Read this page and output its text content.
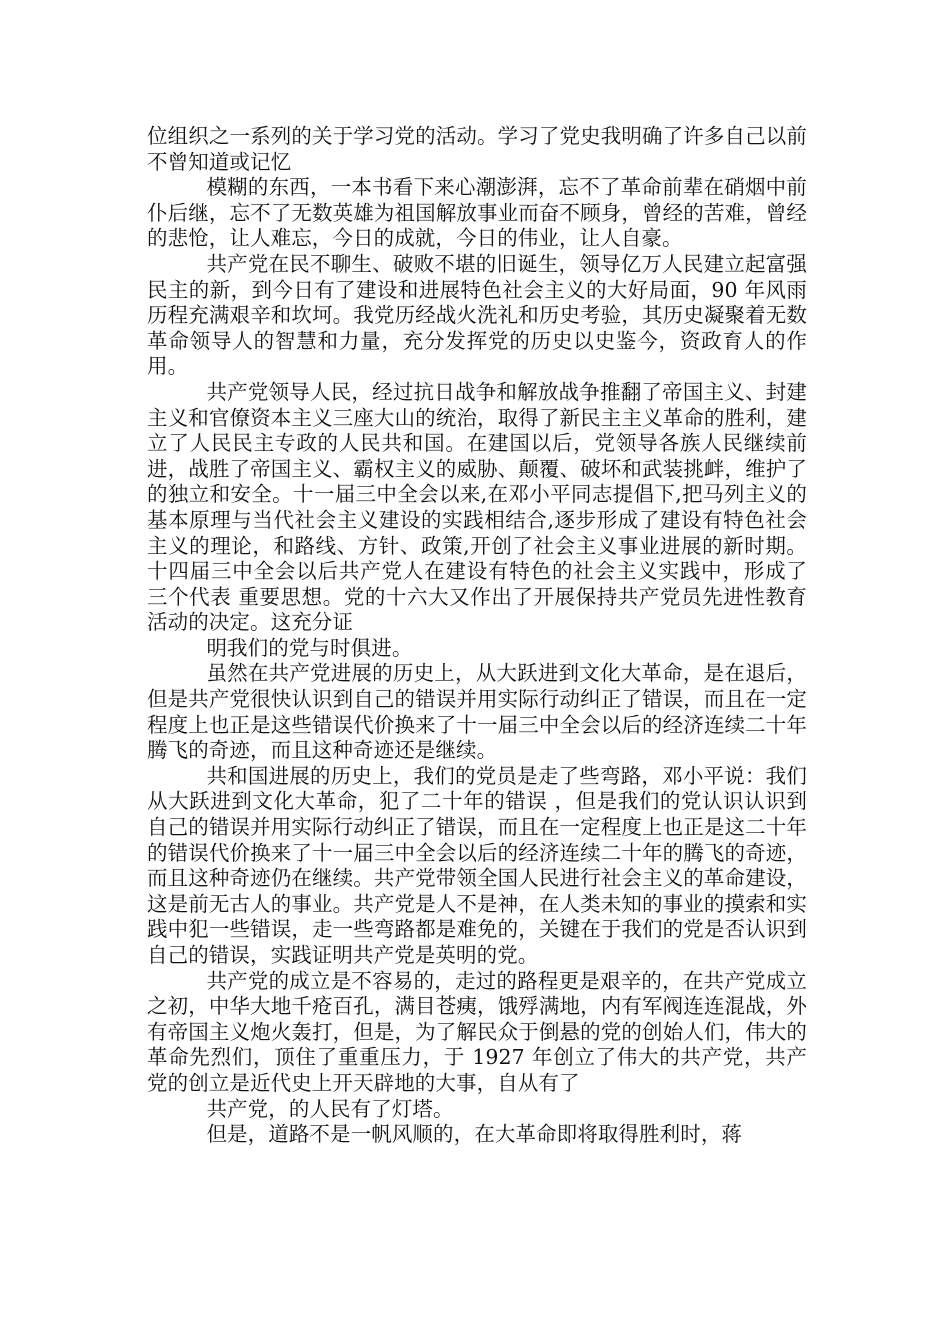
位组织之一系列的关于学习党的活动。学习了党史我明确了许多自己以前不曾知道或记忆

模糊的东西，一本书看下来心潮澎湃，忘不了革命前辈在硝烟中前仆后继，忘不了无数英雄为祖国解放事业而奋不顾身，曾经的苦难，曾经的悲怆，让人难忘，今日的成就，今日的伟业，让人自豪。

共产党在民不聊生、破败不堪的旧诞生，领导亿万人民建立起富强民主的新，到今日有了建设和进展特色社会主义的大好局面，90 年风雨历程充满艰辛和坎坷。我党历经战火洗礼和历史考验，其历史凝聚着无数革命领导人的智慧和力量，充分发挥党的历史以史鉴今，资政育人的作用。

共产党领导人民，经过抗日战争和解放战争推翻了帝国主义、封建主义和官僚资本主义三座大山的统治，取得了新民主主义革命的胜利，建立了人民民主专政的人民共和国。在建国以后，党领导各族人民继续前进，战胜了帝国主义、霸权主义的威胁、颠覆、破坏和武装挑衅，维护了的独立和安全。十一届三中全会以来,在邓小平同志提倡下,把马列主义的基本原理与当代社会主义建设的实践相结合,逐步形成了建设有特色社会主义的理论，和路线、方针、政策,开创了社会主义事业进展的新时期。十四届三中全会以后共产党人在建设有特色的社会主义实践中，形成了 三个代表 重要思想。党的十六大又作出了开展保持共产党员先进性教育活动的决定。这充分证

明我们的党与时俱进。

虽然在共产党进展的历史上，从大跃进到文化大革命，是在退后，但是共产党很快认识到自己的错误并用实际行动纠正了错误，而且在一定程度上也正是这些错误代价换来了十一届三中全会以后的经济连续二十年腾飞的奇迹，而且这种奇迹还是继续。

共和国进展的历史上，我们的党员是走了些弯路，邓小平说：我们从大跃进到文化大革命，犯了二十年的错误 ，但是我们的党认识认识到自己的错误并用实际行动纠正了错误，而且在一定程度上也正是这二十年的错误代价换来了十一届三中全会以后的经济连续二十年的腾飞的奇迹，而且这种奇迹仍在继续。共产党带领全国人民进行社会主义的革命建设，这是前无古人的事业。共产党是人不是神，在人类未知的事业的摸索和实践中犯一些错误，走一些弯路都是难免的，关键在于我们的党是否认识到自己的错误，实践证明共产党是英明的党。

共产党的成立是不容易的，走过的路程更是艰辛的，在共产党成立之初，中华大地千疮百孔，满目苍痍，饿殍满地，内有军阀连连混战，外有帝国主义炮火轰打，但是，为了解民众于倒悬的党的创始人们，伟大的革命先烈们，顶住了重重压力，于 1927 年创立了伟大的共产党，共产党的创立是近代史上开天辟地的大事，自从有了

共产党，的人民有了灯塔。

但是，道路不是一帆风顺的，在大革命即将取得胜利时，蒋
